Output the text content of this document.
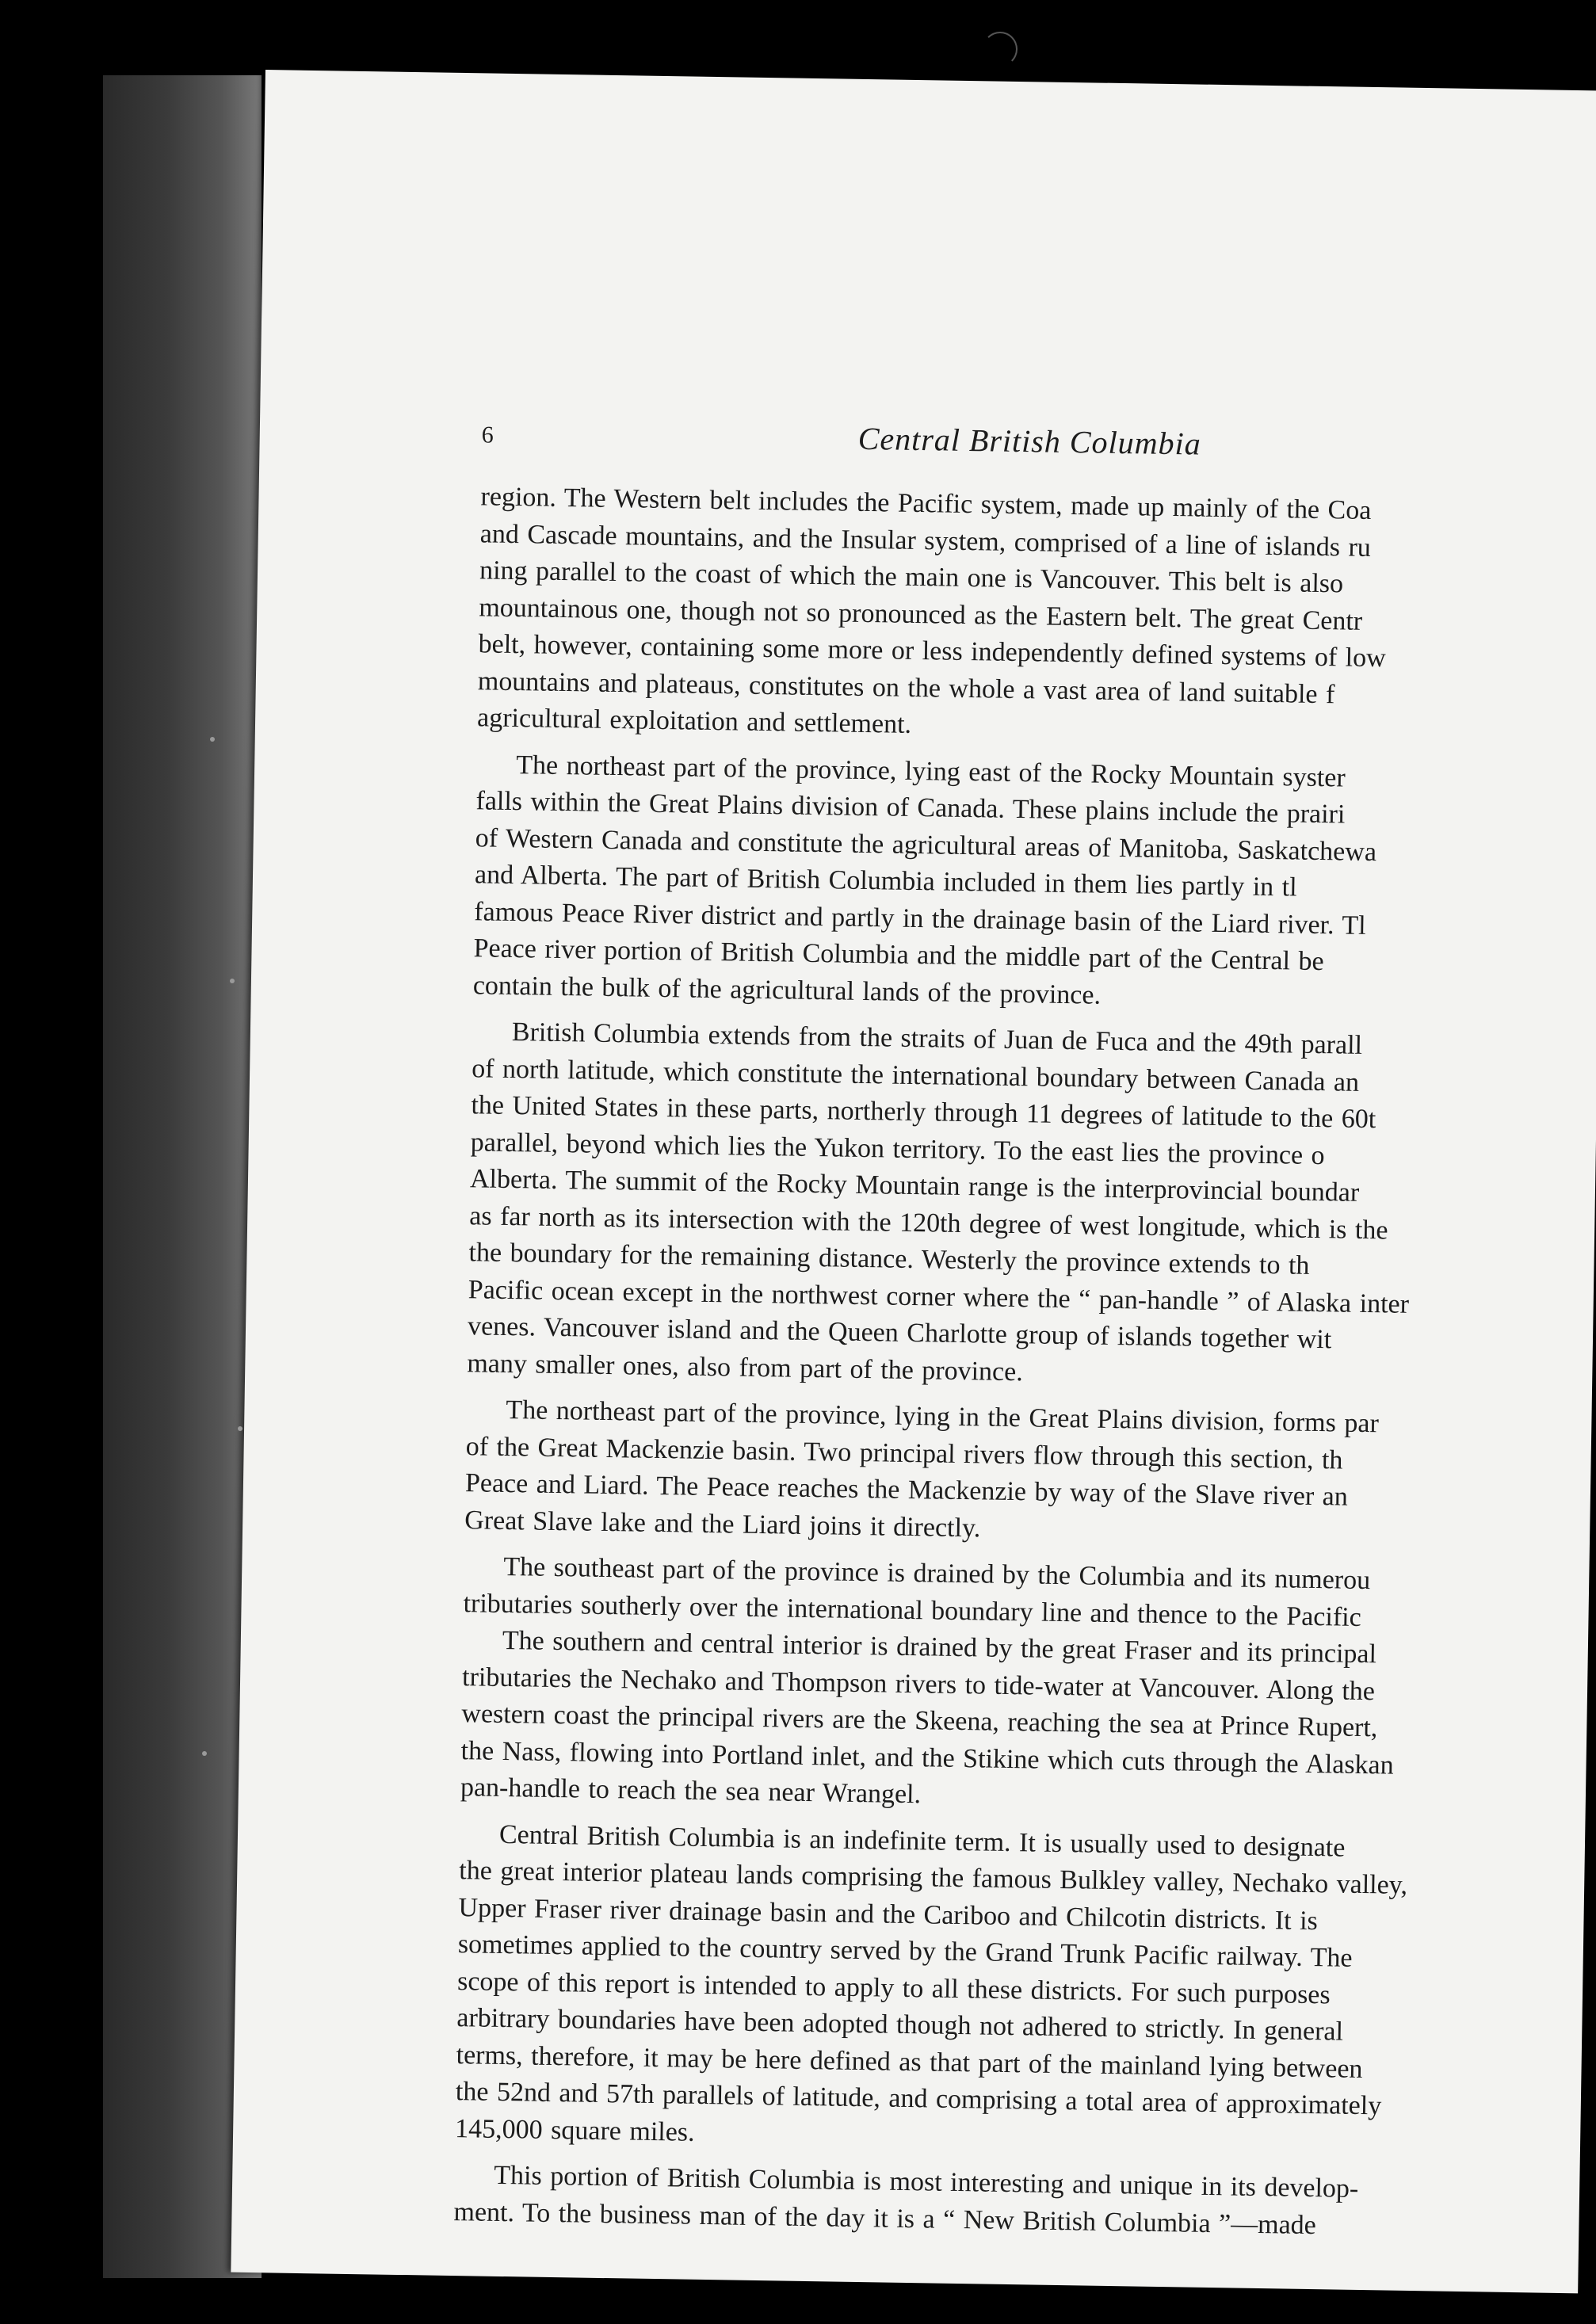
6	Central British Columbia

region. The Western belt includes the Pacific system, made up mainly of the Coa
and Cascade mountains, and the Insular system, comprised of a line of islands ru
ning parallel to the coast of which the main one is Vancouver. This belt is also
mountainous one, though not so pronounced as the Eastern belt. The great Centr
belt, however, containing some more or less independently defined systems of low
mountains and plateaus, constitutes on the whole a vast area of land suitable f
agricultural exploitation and settlement.

The northeast part of the province, lying east of the Rocky Mountain syster
falls within the Great Plains division of Canada. These plains include the prairi
of Western Canada and constitute the agricultural areas of Manitoba, Saskatchewa
and Alberta. The part of British Columbia included in them lies partly in tl
famous Peace River district and partly in the drainage basin of the Liard river. Tl
Peace river portion of British Columbia and the middle part of the Central be
contain the bulk of the agricultural lands of the province.

British Columbia extends from the straits of Juan de Fuca and the 49th parall
of north latitude, which constitute the international boundary between Canada an
the United States in these parts, northerly through 11 degrees of latitude to the 60t
parallel, beyond which lies the Yukon territory. To the east lies the province o
Alberta. The summit of the Rocky Mountain range is the interprovincial boundar
as far north as its intersection with the 120th degree of west longitude, which is the
the boundary for the remaining distance. Westerly the province extends to th
Pacific ocean except in the northwest corner where the “ pan-handle ” of Alaska inter
venes. Vancouver island and the Queen Charlotte group of islands together wit
many smaller ones, also from part of the province.

The northeast part of the province, lying in the Great Plains division, forms par
of the Great Mackenzie basin. Two principal rivers flow through this section, th
Peace and Liard. The Peace reaches the Mackenzie by way of the Slave river an
Great Slave lake and the Liard joins it directly.

The southeast part of the province is drained by the Columbia and its numerou
tributaries southerly over the international boundary line and thence to the Pacific

The southern and central interior is drained by the great Fraser and its principal
tributaries the Nechako and Thompson rivers to tide-water at Vancouver. Along the
western coast the principal rivers are the Skeena, reaching the sea at Prince Rupert,
the Nass, flowing into Portland inlet, and the Stikine which cuts through the Alaskan
pan-handle to reach the sea near Wrangel.

Central British Columbia is an indefinite term. It is usually used to designate
the great interior plateau lands comprising the famous Bulkley valley, Nechako valley,
Upper Fraser river drainage basin and the Cariboo and Chilcotin districts. It is
sometimes applied to the country served by the Grand Trunk Pacific railway. The
scope of this report is intended to apply to all these districts. For such purposes
arbitrary boundaries have been adopted though not adhered to strictly. In general
terms, therefore, it may be here defined as that part of the mainland lying between
the 52nd and 57th parallels of latitude, and comprising a total area of approximately
145,000 square miles.

This portion of British Columbia is most interesting and unique in its develop-
ment. To the business man of the day it is a “ New British Columbia ”—made
